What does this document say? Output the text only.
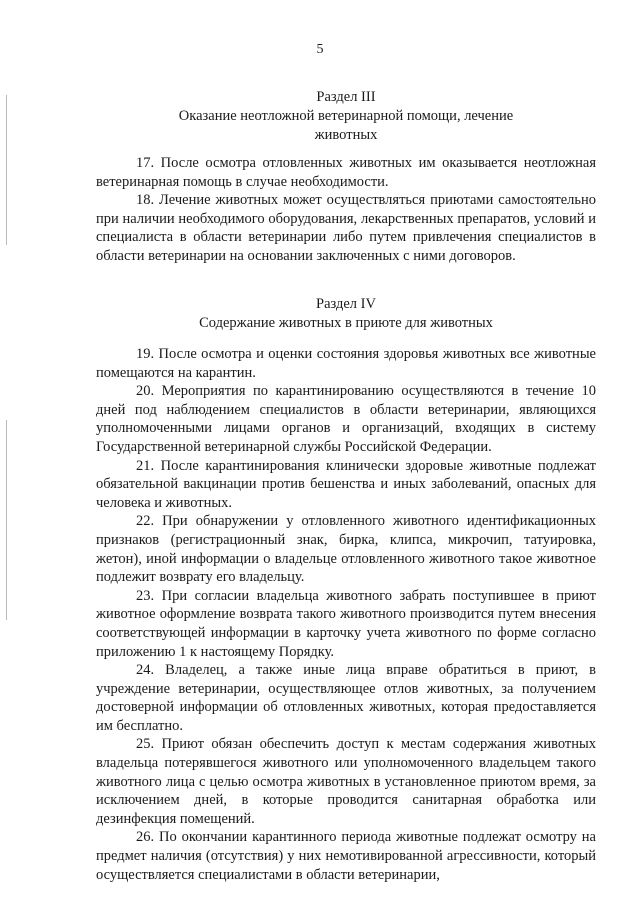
5
Раздел III
Оказание неотложной ветеринарной помощи, лечение
животных

17. После осмотра отловленных животных им оказывается неотложная ветеринарная помощь в случае необходимости.

18. Лечение животных может осуществляться приютами самостоятельно при наличии необходимого оборудования, лекарственных препаратов, условий и специалиста в области ветеринарии либо путем привлечения специалистов в области ветеринарии на основании заключенных с ними договоров.

Раздел IV
Содержание животных в приюте для животных

19. После осмотра и оценки состояния здоровья животных все животные помещаются на карантин.

20. Мероприятия по карантинированию осуществляются в течение 10 дней под наблюдением специалистов в области ветеринарии, являющихся уполномоченными лицами органов и организаций, входящих в систему Государственной ветеринарной службы Российской Федерации.

21. После карантинирования клинически здоровые животные подлежат обязательной вакцинации против бешенства и иных заболеваний, опасных для человека и животных.

22. При обнаружении у отловленного животного идентификационных признаков (регистрационный знак, бирка, клипса, микрочип, татуировка, жетон), иной информации о владельце отловленного животного такое животное подлежит возврату его владельцу.

23. При согласии владельца животного забрать поступившее в приют животное оформление возврата такого животного производится путем внесения соответствующей информации в карточку учета животного по форме согласно приложению 1 к настоящему Порядку.

24. Владелец, а также иные лица вправе обратиться в приют, в учреждение ветеринарии, осуществляющее отлов животных, за получением достоверной информации об отловленных животных, которая предоставляется им бесплатно.

25. Приют обязан обеспечить доступ к местам содержания животных владельца потерявшегося животного или уполномоченного владельцем такого животного лица с целью осмотра животных в установленное приютом время, за исключением дней, в которые проводится санитарная обработка или дезинфекция помещений.

26. По окончании карантинного периода животные подлежат осмотру на предмет наличия (отсутствия) у них немотивированной агрессивности, который осуществляется специалистами в области ветеринарии,
